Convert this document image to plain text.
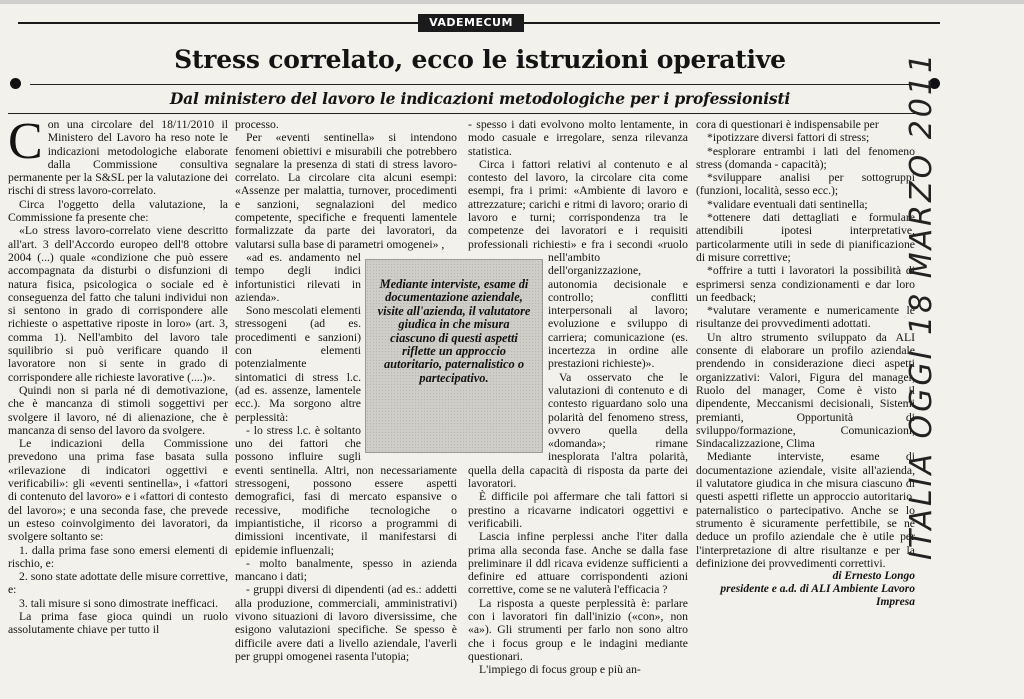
VADEMECUM
Stress correlato, ecco le istruzioni operative
Dal ministero del lavoro le indicazioni metodologiche per i professionisti
C on una circolare del 18/11/2010 il Ministero del Lavoro ha reso note le indicazioni metodologiche elaborate dalla Commissione consultiva permanente per la S&SL per la valutazione dei rischi di stress lavoro-correlato.

Circa l'oggetto della valutazione, la Commissione fa presente che:

«Lo stress lavoro-correlato viene descritto all'art. 3 dell'Accordo europeo dell'8 ottobre 2004 (...) quale «condizione che può essere accompagnata da disturbi o disfunzioni di natura fisica, psicologica o sociale ed è conseguenza del fatto che taluni individui non si sentono in grado di corrispondere alle richieste o aspettative riposte in loro» (art. 3, comma 1). Nell'ambito del lavoro tale squilibrio si può verificare quando il lavoratore non si sente in grado di corrispondere alle richieste lavorative (....)».

Quindi non si parla né di demotivazione, che è mancanza di stimoli soggettivi per svolgere il lavoro, né di alienazione, che è mancanza di senso del lavoro da svolgere.

Le indicazioni della Commissione prevedono una prima fase basata sulla «rilevazione di indicatori oggettivi e verificabili»: gli «eventi sentinella», i «fattori di contenuto del lavoro» e i «fattori di contesto del lavoro»; e una seconda fase, che prevede un esteso coinvolgimento dei lavoratori, da svolgere soltanto se:

1. dalla prima fase sono emersi elementi di rischio, e:

2. sono state adottate delle misure correttive, e:

3. tali misure si sono dimostrate inefficaci.

La prima fase gioca quindi un ruolo assolutamente chiave per tutto il

processo.

Per «eventi sentinella» si intendono fenomeni obiettivi e misurabili che potrebbero segnalare la presenza di stati di stress lavoro-correlato. La circolare cita alcuni esempi: «Assenze per malattia, turnover, procedimenti e sanzioni, segnalazioni del medico competente, specifiche e frequenti lamentele formalizzate da parte dei lavoratori, da valutarsi sulla base di parametri omogenei» ,

«ad es. andamento nel tempo degli indici infortunistici rilevati in azienda».

Sono mescolati elementi stressogeni (ad es. procedimenti e sanzioni) con elementi potenzialmente sintomatici di stress l.c. (ad es. assenze, lamentele ecc.). Ma sorgono altre perplessità:

- lo stress l.c. è soltanto uno dei fattori che possono influire sugli eventi sentinella. Altri, non necessariamente stressogeni, possono essere aspetti demografici, fasi di mercato espansive o recessive, modifiche tecnologiche o impiantistiche, il ricorso a programmi di dimissioni incentivate, il manifestarsi di epidemie influenzali;

- molto banalmente, spesso in azienda mancano i dati;

- gruppi diversi di dipendenti (ad es.: addetti alla produzione, commerciali, amministrativi) vivono situazioni di lavoro diversissime, che esigono valutazioni specifiche. Se spesso è difficile avere dati a livello aziendale, l'averli per gruppi omogenei rasenta l'utopia;

- spesso i dati evolvono molto lentamente, in modo casuale e irregolare, senza rilevanza statistica.

Circa i fattori relativi al contenuto e al contesto del lavoro, la circolare cita come esempi, fra i primi: «Ambiente di lavoro e attrezzature; carichi e ritmi di lavoro; orario di lavoro e turni; corrispondenza tra le competenze dei lavoratori e i requisiti professionali richiesti» e fra i secondi «ruolo nell'ambito dell'organizzazione, autonomia decisionale e controllo; conflitti interpersonali al lavoro; evoluzione e sviluppo di carriera; comunicazione (es. incertezza in ordine alle prestazioni richieste)».

Va osservato che le valutazioni di contenuto e di contesto riguardano solo una polarità del fenomeno stress, ovvero quella della «domanda»; rimane inesplorata l'altra polarità, quella della capacità di risposta da parte dei lavoratori.

È difficile poi affermare che tali fattori si prestino a ricavarne indicatori oggettivi e verificabili.

Lascia infine perplessi anche l'iter dalla prima alla seconda fase. Anche se dalla fase preliminare il ddl ricava evidenze sufficienti a definire ed attuare corrispondenti azioni correttive, come se ne valuterà l'efficacia ?

La risposta a queste perplessità è: parlare con i lavoratori fin dall'inizio («con», non «a»). Gli strumenti per farlo non sono altro che i focus group e le indagini mediante questionari.

L'impiego di focus group e più an-

cora di questionari è indispensabile per

*ipotizzare diversi fattori di stress;

*esplorare entrambi i lati del fenomeno stress (domanda - capacità);

*sviluppare analisi per sottogruppi (funzioni, località, sesso ecc.);

*validare eventuali dati sentinella;

*ottenere dati dettagliati e formulare attendibili ipotesi interpretative, particolarmente utili in sede di pianificazione di misure correttive;

*offrire a tutti i lavoratori la possibilità di esprimersi senza condizionamenti e dar loro un feedback;

*valutare veramente e numericamente le risultanze dei provvedimenti adottati.

Un altro strumento sviluppato da ALI consente di elaborare un profilo aziendale prendendo in considerazione dieci aspetti organizzativi: Valori, Figura del manager, Ruolo del manager, Come è visto il dipendente, Meccanismi decisionali, Sistemi premianti, Opportunità di sviluppo/formazione, Comunicazioni, Sindacalizzazione, Clima

Mediante interviste, esame di documentazione aziendale, visite all'azienda, il valutatore giudica in che misura ciascuno di questi aspetti riflette un approccio autoritario, paternalistico o partecipativo. Anche se lo strumento è sicuramente perfettibile, se ne deduce un profilo aziendale che è utile per l'interpretazione di altre risultanze e per la definizione dei provvedimenti correttivi.

di Ernesto Longo
presidente e a.d. di ALI Ambiente Lavoro Impresa

Mediante interviste, esame di documentazione aziendale, visite all'azienda, il valutatore giudica in che misura ciascuno di questi aspetti riflette un approccio autoritario, paternalistico o partecipativo.	ITALIA OGGI 18 MARZO 2011
